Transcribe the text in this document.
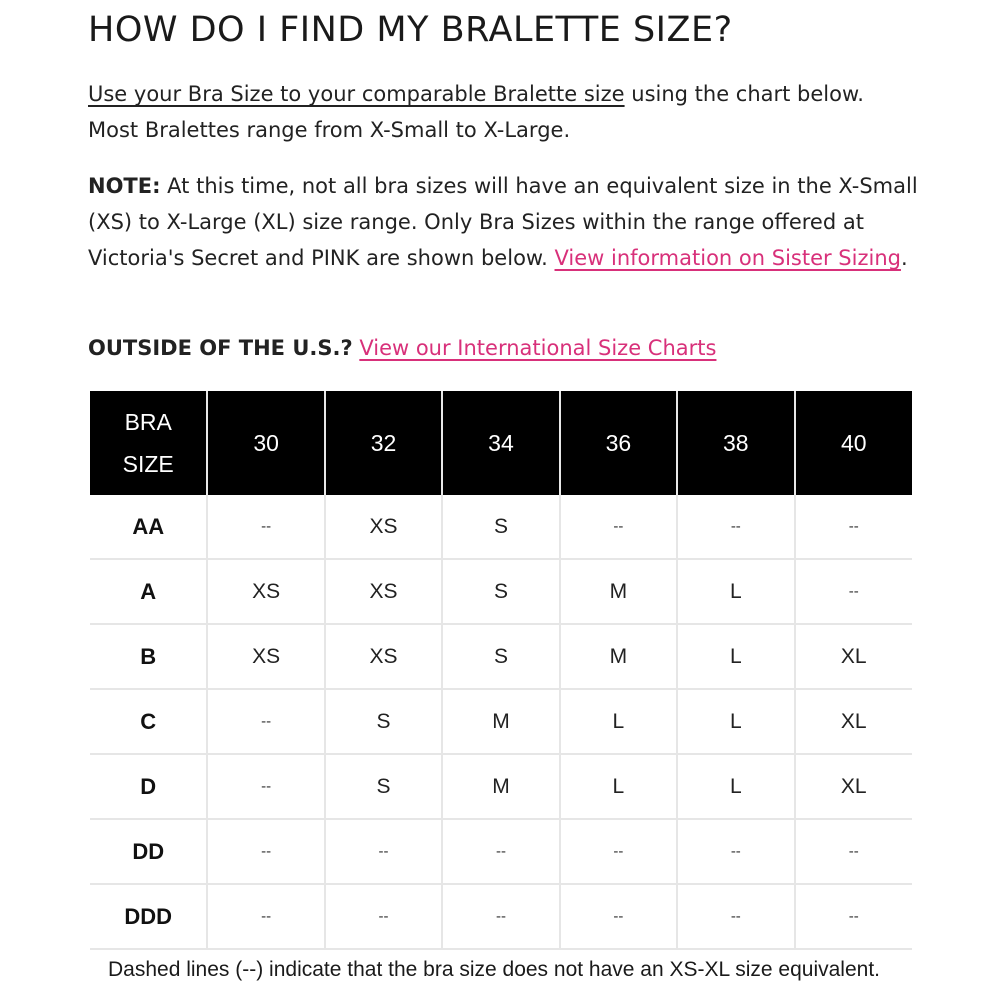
HOW DO I FIND MY BRALETTE SIZE?

Use your Bra Size to your comparable Bralette size using the chart below. Most Bralettes range from X-Small to X-Large.

NOTE: At this time, not all bra sizes will have an equivalent size in the X-Small (XS) to X-Large (XL) size range. Only Bra Sizes within the range offered at Victoria's Secret and PINK are shown below. View information on Sister Sizing.

OUTSIDE OF THE U.S.? View our International Size Charts

BRA
SIZE	30	32	34	36	38	40
AA	--	XS	S	--	--	--
A	XS	XS	S	M	L	--
B	XS	XS	S	M	L	XL
C	--	S	M	L	L	XL
D	--	S	M	L	L	XL
DD	--	--	--	--	--	--
DDD	--	--	--	--	--	--

Dashed lines (--) indicate that the bra size does not have an XS-XL size equivalent.
